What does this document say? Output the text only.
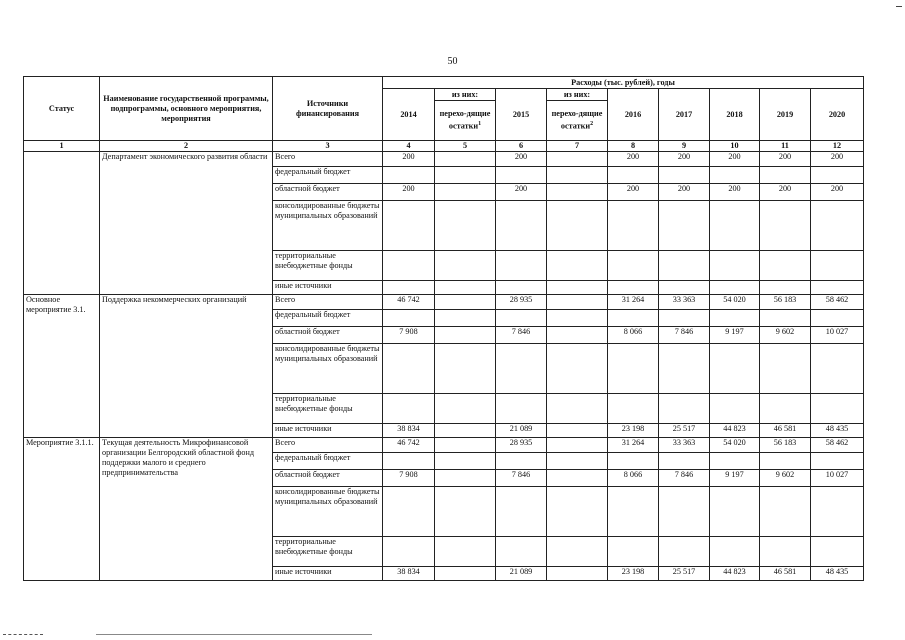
50
Статус	Наименование государственной программы, подпрограммы, основного мероприятия, мероприятия	Источники финансирования	Расходы (тыс. рублей), годы								
			2014	из них:	2015	из них:	2016	2017	2018	2019	2020
				перехо-дящие остатки$^1$		перехо-дящие остатки$^2$
1	2	3	4	5	6	7	8	9	10	11	12
	Департамент экономического развития области	Всего	200		200		200	200	200	200	200
		федеральный бюджет									
		областной бюджет	200		200		200	200	200	200	200
		консолидированные бюджеты муниципальных образований									
		территориальные внебюджетные фонды									
		иные источники									
Основное мероприятие 3.1.	Поддержка некоммерческих организаций	Всего	46 742		28 935		31 264	33 363	54 020	56 183	58 462
		федеральный бюджет									
		областной бюджет	7 908		7 846		8 066	7 846	9 197	9 602	10 027
		консолидированные бюджеты муниципальных образований									
		территориальные внебюджетные фонды									
		иные источники	38 834		21 089		23 198	25 517	44 823	46 581	48 435
Мероприятие 3.1.1.	Текущая деятельность Микрофинансовой организации Белгородский областной фонд поддержки малого и среднего предпринимательства	Всего	46 742		28 935		31 264	33 363	54 020	56 183	58 462
		федеральный бюджет									
		областной бюджет	7 908		7 846		8 066	7 846	9 197	9 602	10 027
		консолидированные бюджеты муниципальных образований									
		территориальные внебюджетные фонды									
		иные источники	38 834		21 089		23 198	25 517	44 823	46 581	48 435
